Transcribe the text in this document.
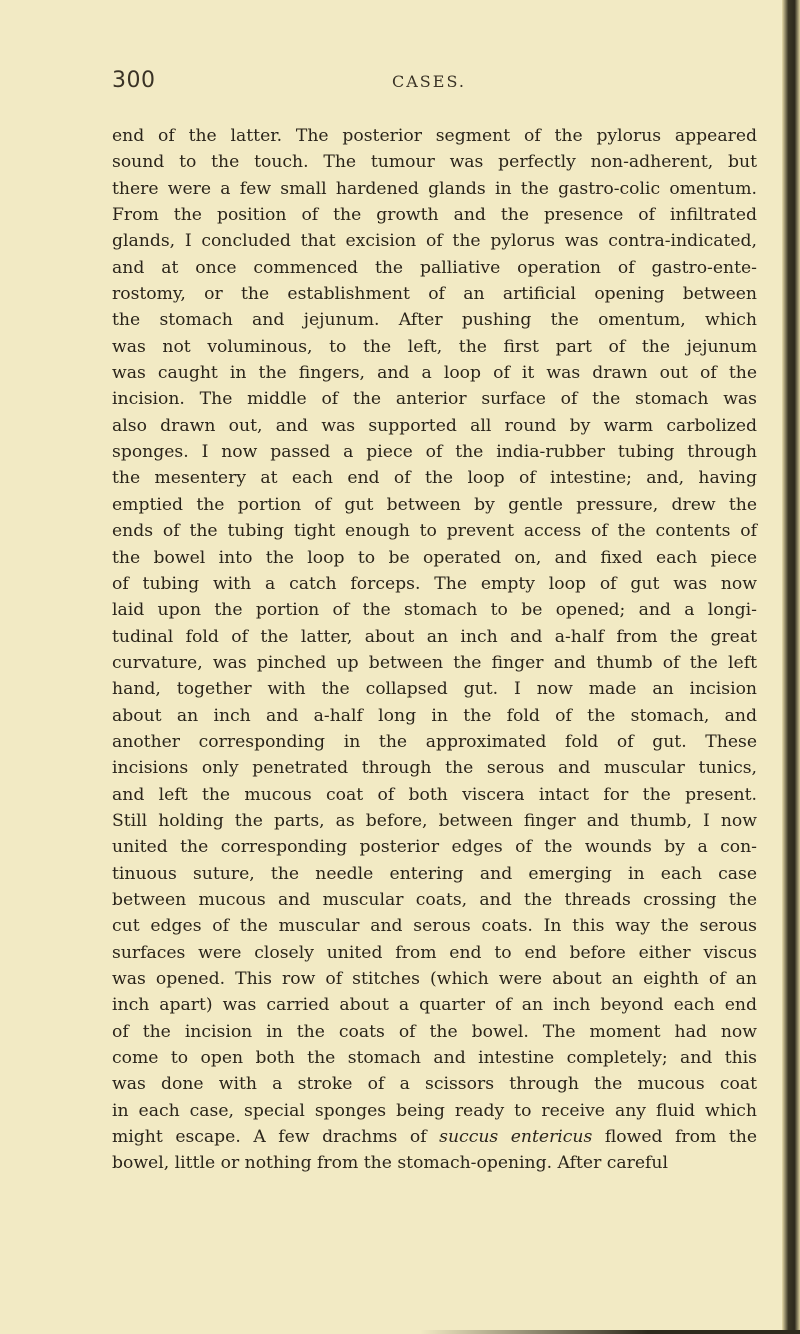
300	CASES.
end of the latter. The posterior segment of the pylorus appeared
sound to the touch. The tumour was perfectly non-adherent, but
there were a few small hardened glands in the gastro-colic omentum.
From the position of the growth and the presence of infiltrated
glands, I concluded that excision of the pylorus was contra-indicated,
and at once commenced the palliative operation of gastro-ente-
rostomy, or the establishment of an artificial opening between
the stomach and jejunum. After pushing the omentum, which
was not voluminous, to the left, the first part of the jejunum
was caught in the fingers, and a loop of it was drawn out of the
incision. The middle of the anterior surface of the stomach was
also drawn out, and was supported all round by warm carbolized
sponges. I now passed a piece of the india-rubber tubing through
the mesentery at each end of the loop of intestine; and, having
emptied the portion of gut between by gentle pressure, drew the
ends of the tubing tight enough to prevent access of the contents of
the bowel into the loop to be operated on, and fixed each piece
of tubing with a catch forceps. The empty loop of gut was now
laid upon the portion of the stomach to be opened; and a longi-
tudinal fold of the latter, about an inch and a-half from the great
curvature, was pinched up between the finger and thumb of the left
hand, together with the collapsed gut. I now made an incision
about an inch and a-half long in the fold of the stomach, and
another corresponding in the approximated fold of gut. These
incisions only penetrated through the serous and muscular tunics,
and left the mucous coat of both viscera intact for the present.
Still holding the parts, as before, between finger and thumb, I now
united the corresponding posterior edges of the wounds by a con-
tinuous suture, the needle entering and emerging in each case
between mucous and muscular coats, and the threads crossing the
cut edges of the muscular and serous coats. In this way the serous
surfaces were closely united from end to end before either viscus
was opened. This row of stitches (which were about an eighth of an
inch apart) was carried about a quarter of an inch beyond each end
of the incision in the coats of the bowel. The moment had now
come to open both the stomach and intestine completely; and this
was done with a stroke of a scissors through the mucous coat
in each case, special sponges being ready to receive any fluid which
might escape. A few drachms of succus entericus flowed from the
bowel, little or nothing from the stomach-opening. After careful
